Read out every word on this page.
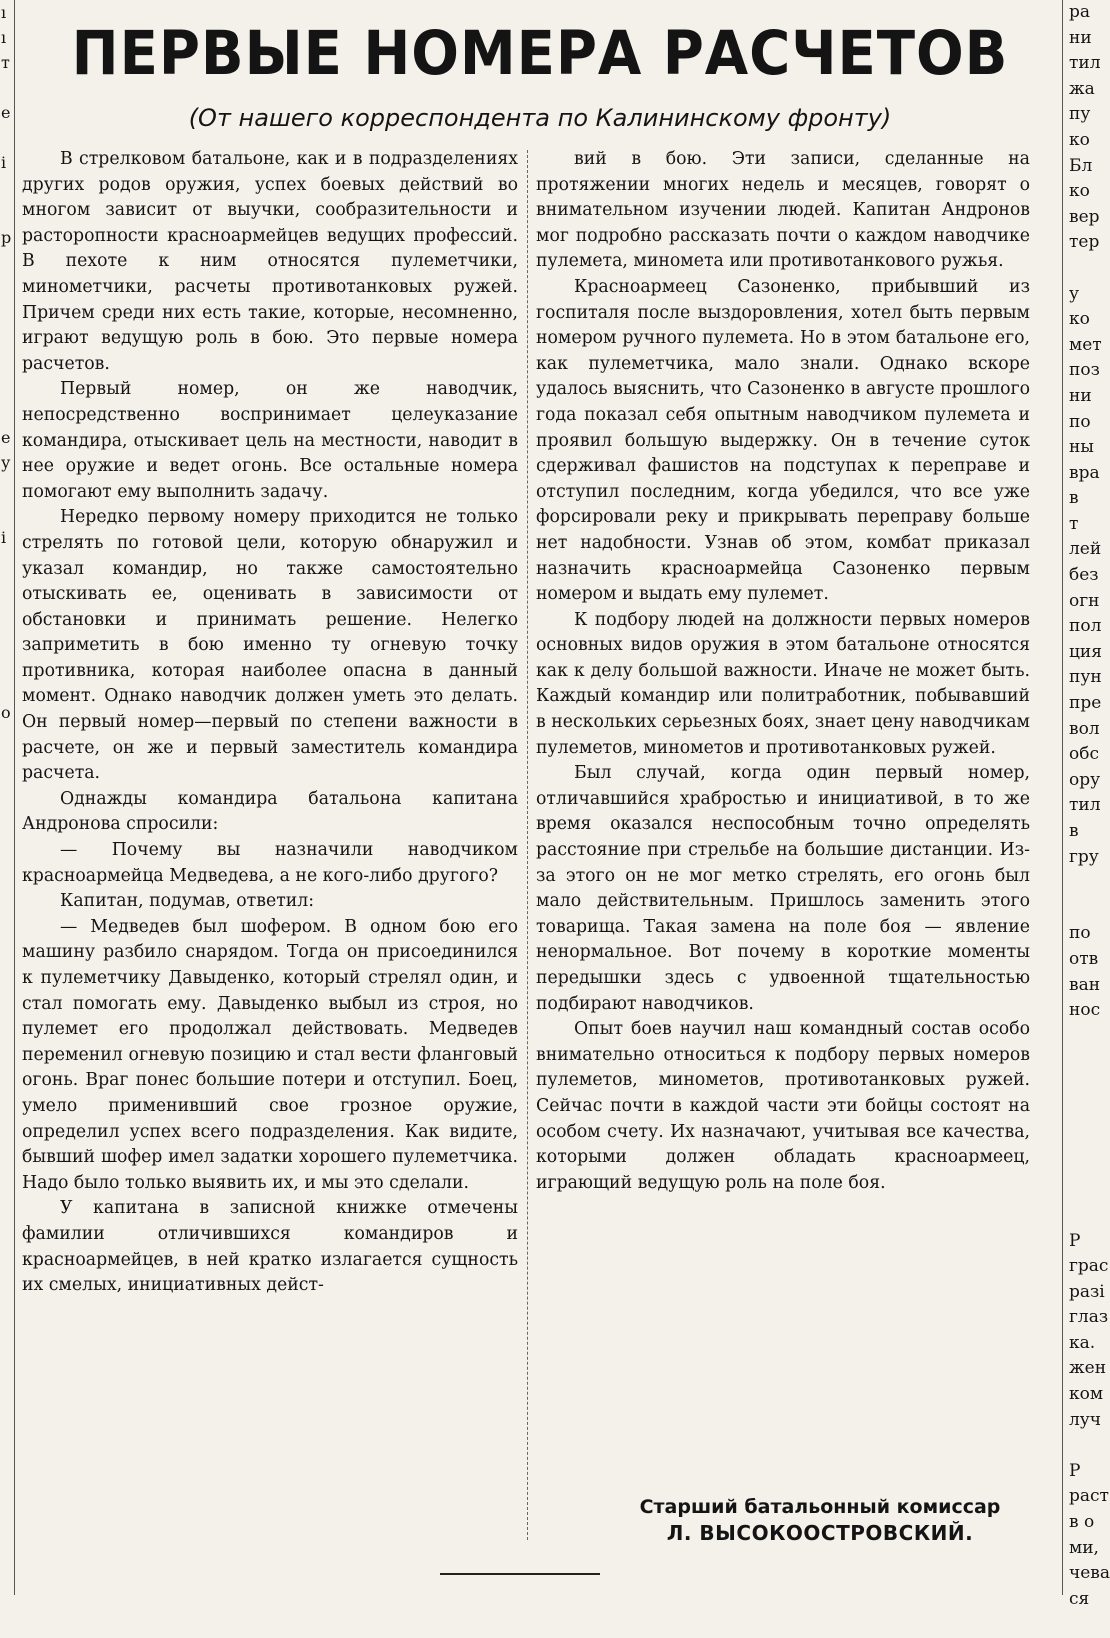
ı
ı
т

е

і

р

е
у

і

о

ПЕРВЫЕ НОМЕРА РАСЧЕТОВ
(От нашего корреспондента по Калининскому фронту)

В стрелковом батальоне, как и в подразделениях других родов оружия, успех боевых действий во многом зависит от выучки, сообразительности и расторопности красноармейцев ведущих профессий. В пехоте к ним относятся пулеметчики, минометчики, расчеты противотанковых ружей. Причем среди них есть такие, которые, несомненно, играют ведущую роль в бою. Это первые номера расчетов.

Первый номер, он же наводчик, непосредственно воспринимает целеуказание командира, отыскивает цель на местности, наводит в нее оружие и ведет огонь. Все остальные номера помогают ему выполнить задачу.

Нередко первому номеру приходится не только стрелять по готовой цели, которую обнаружил и указал командир, но также самостоятельно отыскивать ее, оценивать в зависимости от обстановки и принимать решение. Нелегко заприметить в бою именно ту огневую точку противника, которая наиболее опасна в данный момент. Однако наводчик должен уметь это делать. Он первый номер—первый по степени важности в расчете, он же и первый заместитель командира расчета.

Однажды командира батальона капитана Андронова спросили:

— Почему вы назначили наводчиком красноармейца Медведева, а не кого-либо другого?

Капитан, подумав, ответил:

— Медведев был шофером. В одном бою его машину разбило снарядом. Тогда он присоединился к пулеметчику Давыденко, который стрелял один, и стал помогать ему. Давыденко выбыл из строя, но пулемет его продолжал действовать. Медведев переменил огневую позицию и стал вести фланговый огонь. Враг понес большие потери и отступил. Боец, умело применивший свое грозное оружие, определил успех всего подразделения. Как видите, бывший шофер имел задатки хорошего пулеметчика. Надо было только выявить их, и мы это сделали.

У капитана в записной книжке отмечены фамилии отличившихся командиров и красноармейцев, в ней кратко излагается сущность их смелых, инициативных дейст-

вий в бою. Эти записи, сделанные на протяжении многих недель и месяцев, говорят о внимательном изучении людей. Капитан Андронов мог подробно рассказать почти о каждом наводчике пулемета, миномета или противотанкового ружья.

Красноармеец Сазоненко, прибывший из госпиталя после выздоровления, хотел быть первым номером ручного пулемета. Но в этом батальоне его, как пулеметчика, мало знали. Однако вскоре удалось выяснить, что Сазоненко в августе прошлого года показал себя опытным наводчиком пулемета и проявил большую выдержку. Он в течение суток сдерживал фашистов на подступах к переправе и отступил последним, когда убедился, что все уже форсировали реку и прикрывать переправу больше нет надобности. Узнав об этом, комбат приказал назначить красноармейца Сазоненко первым номером и выдать ему пулемет.

К подбору людей на должности первых номеров основных видов оружия в этом батальоне относятся как к делу большой важности. Иначе не может быть. Каждый командир или политработник, побывавший в нескольких серьезных боях, знает цену наводчикам пулеметов, минометов и противотанковых ружей.

Был случай, когда один первый номер, отличавшийся храбростью и инициативой, в то же время оказался неспособным точно определять расстояние при стрельбе на большие дистанции. Из-за этого он не мог метко стрелять, его огонь был мало действительным. Пришлось заменить этого товарища. Такая замена на поле боя — явление ненормальное. Вот почему в короткие моменты передышки здесь с удвоенной тщательностью подбирают наводчиков.

Опыт боев научил наш командный состав особо внимательно относиться к подбору первых номеров пулеметов, минометов, противотанковых ружей. Сейчас почти в каждой части эти бойцы состоят на особом счету. Их назначают, учитывая все качества, которыми должен обладать красноармеец, играющий ведущую роль на поле боя.

Старший батальонный комиссар
Л. ВЫСОКООСТРОВСКИЙ.
ра
ни
тил
жа
пу
ко
Бл
ко
вер
тер

у
ко
мет
поз
ни
по
ны
вра
в
т
лей
без
огн
пол
ция
пун
пре
вол
обс
ору
тил
в
гру

по
отв
ван
нос

Р
грас
разі
глаз
ка.
жен
ком
луч

Р
раст
в о
ми,
чева
ся
